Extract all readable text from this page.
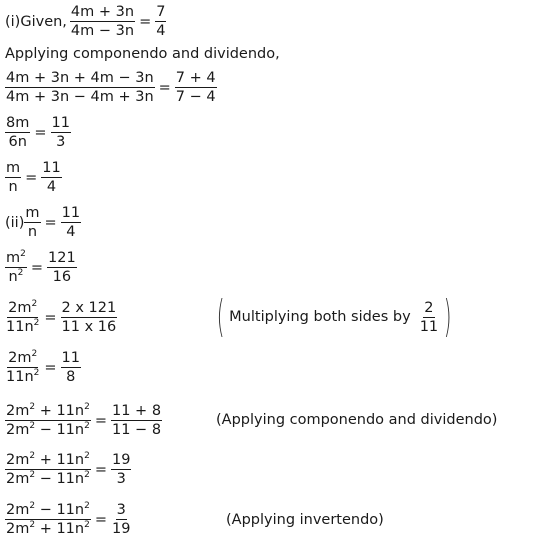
(i)Given, $\frac{4m + 3n}{4m - 3n} = \frac{7}{4}$
Applying componendo and dividendo,
$\frac{4m + 3n + 4m - 3n}{4m + 3n - 4m + 3n} = \frac{7 + 4}{7 - 4}$
$\frac{8m}{6n} = \frac{11}{3}$
$\frac{m}{n} = \frac{11}{4}$
$(ii) \frac{m}{n} = \frac{11}{4}$
$\frac{m^2}{n^2} = \frac{121}{16}$
$\frac{2m^2}{11n^2} = \frac{2 x 121}{11 x 16}$ ( Multiplying both sides by $\frac{2}{11}$ )
$\frac{2m^2}{11n^2} = \frac{11}{8}$
$\frac{2m^2 + 11n^2}{2m^2 - 11n^2} = \frac{11 + 8}{11 - 8}$	(Applying componendo and dividendo)
$\frac{2m^2 + 11n^2}{2m^2 - 11n^2} = \frac{19}{3}$
$\frac{2m^2 - 11n^2}{2m^2 + 11n^2} = \frac{3}{19}$	(Applying invertendo)
